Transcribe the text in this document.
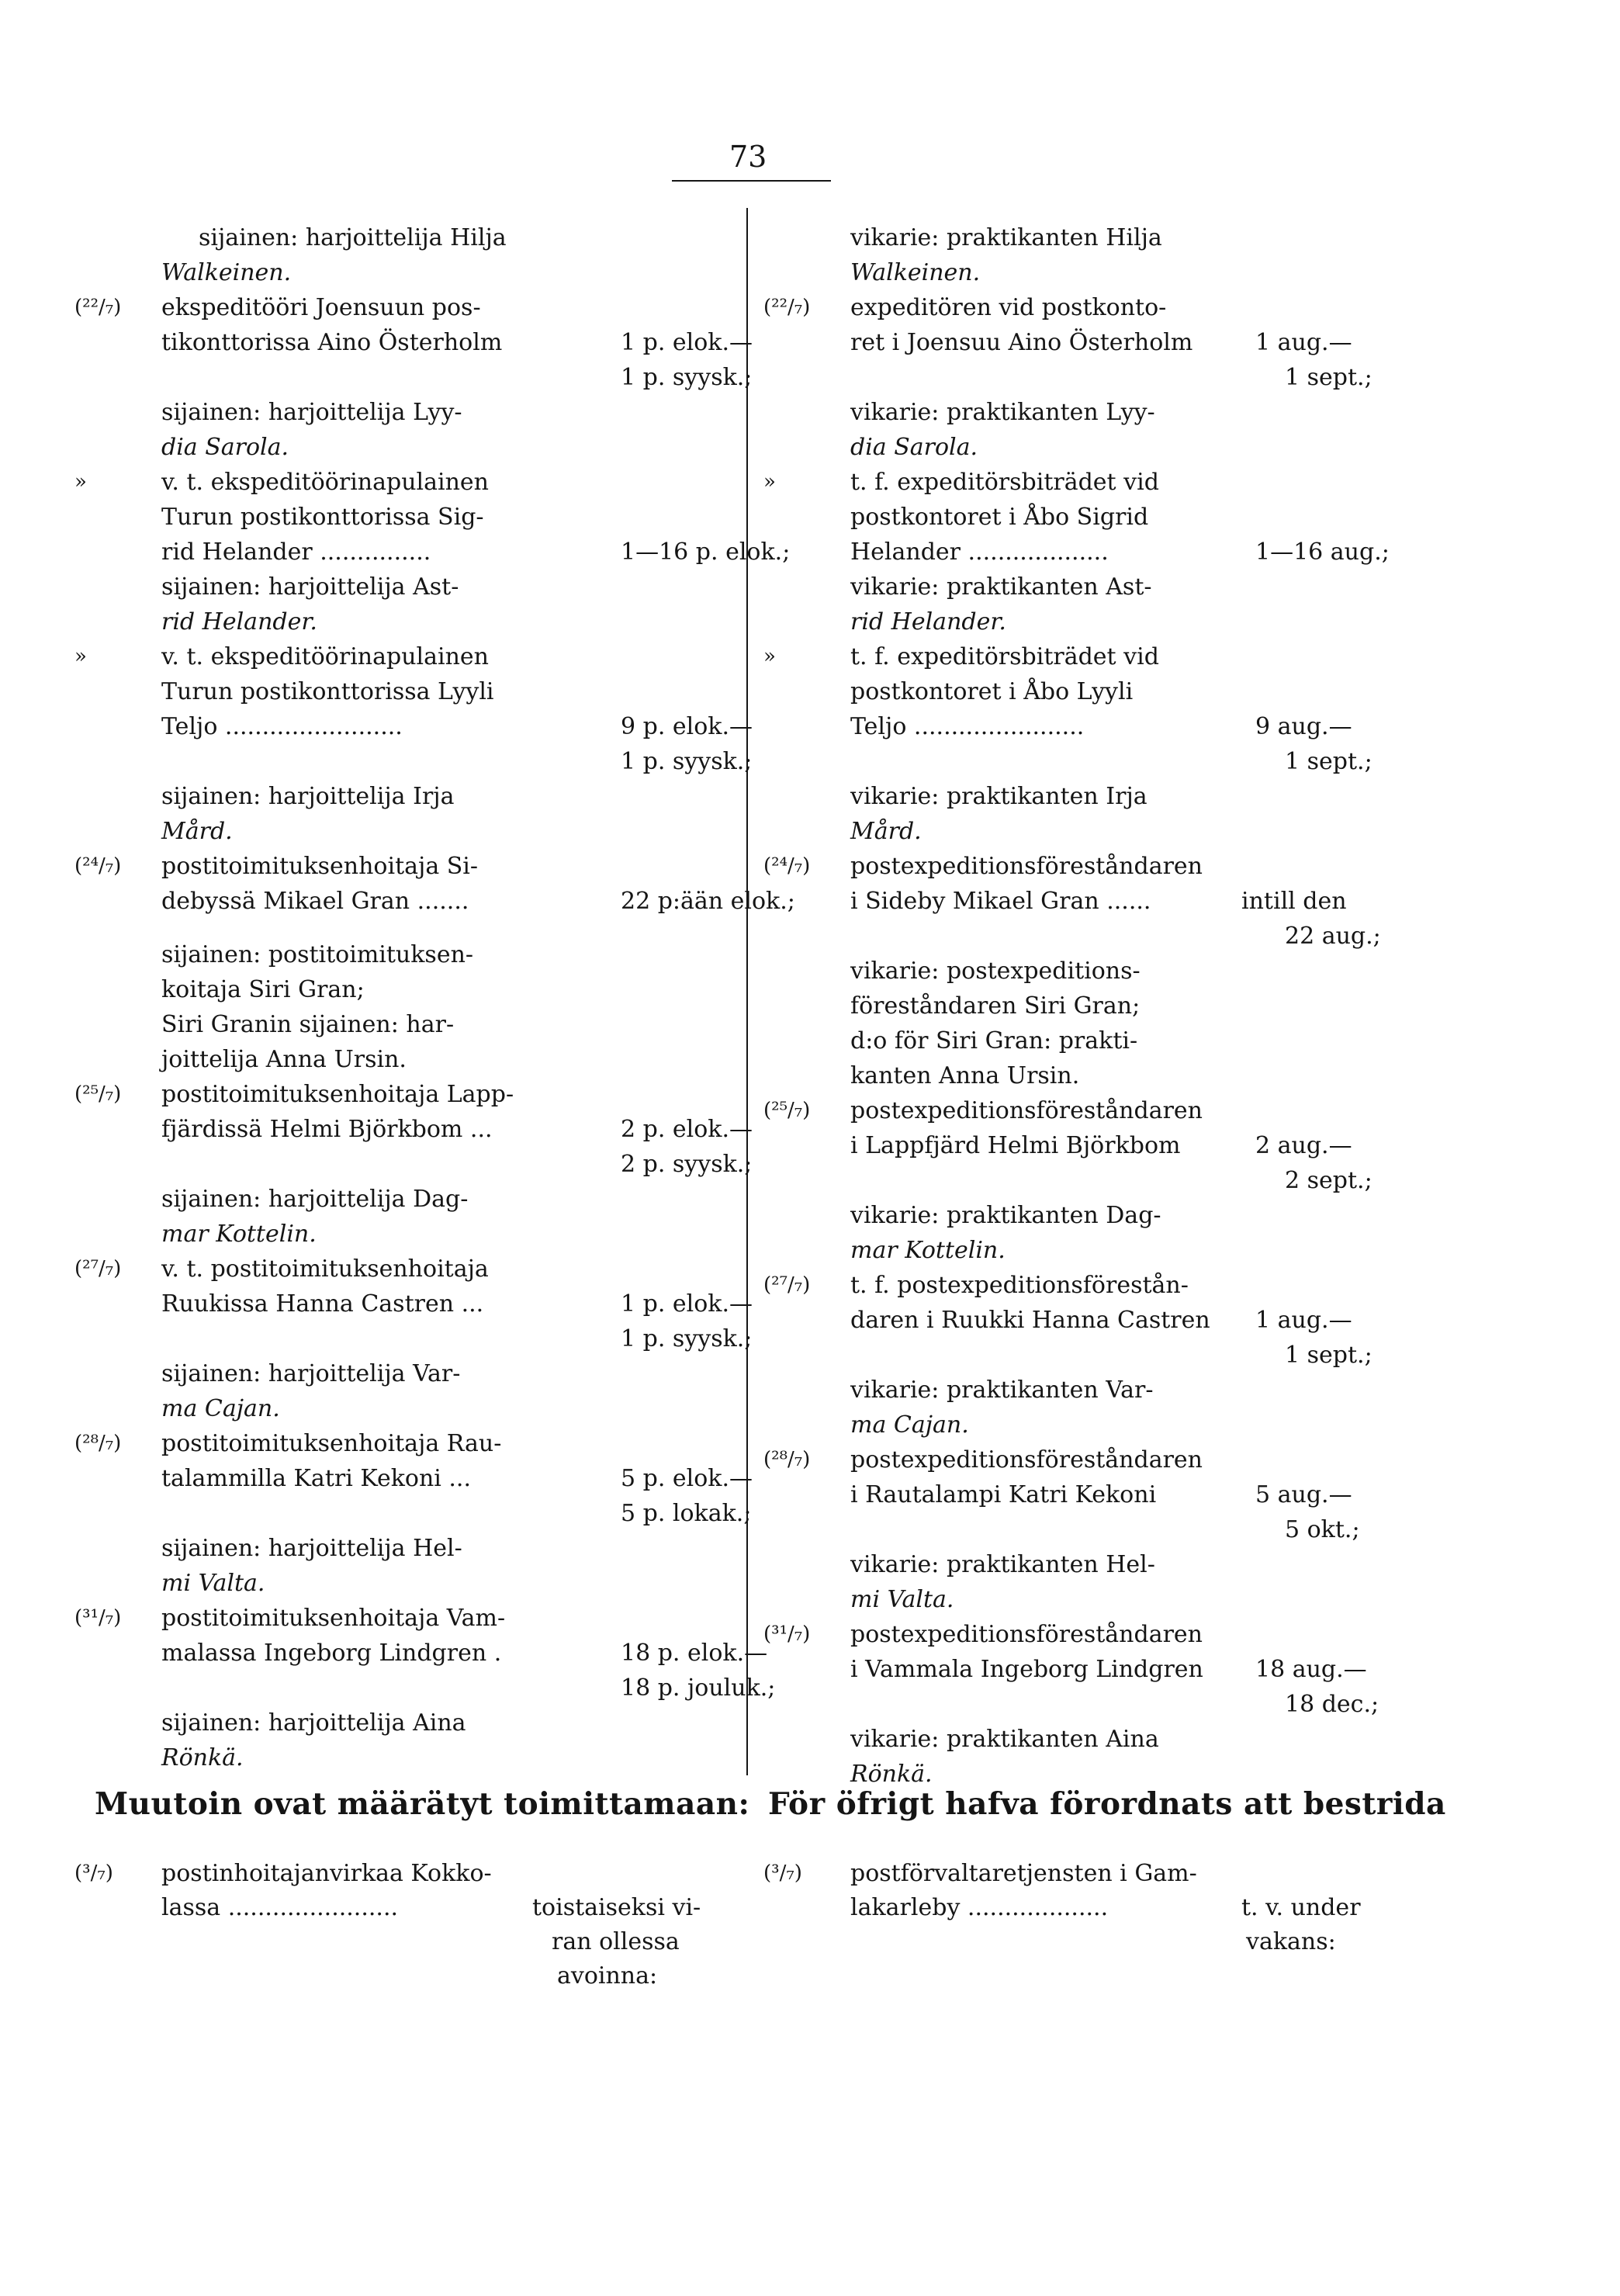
73
sijainen: harjoittelija Hilja
Walkeinen.
(²²/₇) ekspeditööri Joensuun pos-
tikonttorissa Aino Österholm	1 p. elok.—
1 p. syysk.;
sijainen: harjoittelija Lyy-
dia Sarola.
»	v. t. ekspeditöörinapulainen
Turun postikonttorissa Sig-
rid Helander ...............	1—16 p. elok.;
sijainen: harjoittelija Ast-
rid Helander.
»	v. t. ekspeditöörinapulainen
Turun postikonttorissa Lyyli
Teljo ........................	9 p. elok.—
1 p. syysk.;
sijainen: harjoittelija Irja
Mård.
(²⁴/₇) postitoimituksenhoitaja Si-
debyssä Mikael Gran .......	22 p:ään elok.;
sijainen: postitoimituksen-
koitaja Siri Gran;
Siri Granin sijainen: har-
joittelija Anna Ursin.
(²⁵/₇) postitoimituksenhoitaja Lapp-
fjärdissä Helmi Björkbom ...	2 p. elok.—
2 p. syysk.;
sijainen: harjoittelija Dag-
mar Kottelin.
(²⁷/₇) v. t. postitoimituksenhoitaja
Ruukissa Hanna Castren ...	1 p. elok.—
1 p. syysk.;
sijainen: harjoittelija Var-
ma Cajan.
(²⁸/₇) postitoimituksenhoitaja Rau-
talammilla Katri Kekoni ...	5 p. elok.—
5 p. lokak.;
sijainen: harjoittelija Hel-
mi Valta.
(³¹/₇) postitoimituksenhoitaja Vam-
malassa Ingeborg Lindgren .	18 p. elok.—
18 p. jouluk.;
sijainen: harjoittelija Aina
Rönkä.
vikarie: praktikanten Hilja
Walkeinen.
(²²/₇) expeditören vid postkonto-
ret i Joensuu Aino Österholm	1 aug.—
1 sept.;
vikarie: praktikanten Lyy-
dia Sarola.
»	t. f. expeditörsbiträdet vid
postkontoret i Åbo Sigrid
Helander ...................	1—16 aug.;
vikarie: praktikanten Ast-
rid Helander.
»	t. f. expeditörsbiträdet vid
postkontoret i Åbo Lyyli
Teljo .......................	9 aug.—
1 sept.;
vikarie: praktikanten Irja
Mård.
(²⁴/₇) postexpeditionsföreståndaren
i Sideby Mikael Gran ......	intill den
22 aug.;
vikarie: postexpeditions-
föreståndaren Siri Gran;
d:o för Siri Gran: prakti-
kanten Anna Ursin.
(²⁵/₇) postexpeditionsföreståndaren
i Lappfjärd Helmi Björkbom	2 aug.—
2 sept.;
vikarie: praktikanten Dag-
mar Kottelin.
(²⁷/₇) t. f. postexpeditionsförestån-
daren i Ruukki Hanna Castren 1 aug.—
1 sept.;
vikarie: praktikanten Var-
ma Cajan.
(²⁸/₇) postexpeditionsföreståndaren
i Rautalampi Katri Kekoni	5 aug.—
5 okt.;
vikarie: praktikanten Hel-
mi Valta.
(³¹/₇) postexpeditionsföreståndaren
i Vammala Ingeborg Lindgren 18 aug.—
18 dec.;
vikarie: praktikanten Aina
Rönkä.
Muutoin ovat määrätyt toimittamaan: För öfrigt hafva förordnats att bestrida
(³/₇) postinhoitajanvirkaa Kokko-
lassa .......................	toistaiseksi vi-
ran ollessa
avoinna:
(³/₇) postförvaltaretjensten i Gam-
lakarleby ...................	t. v. under
vakans:
